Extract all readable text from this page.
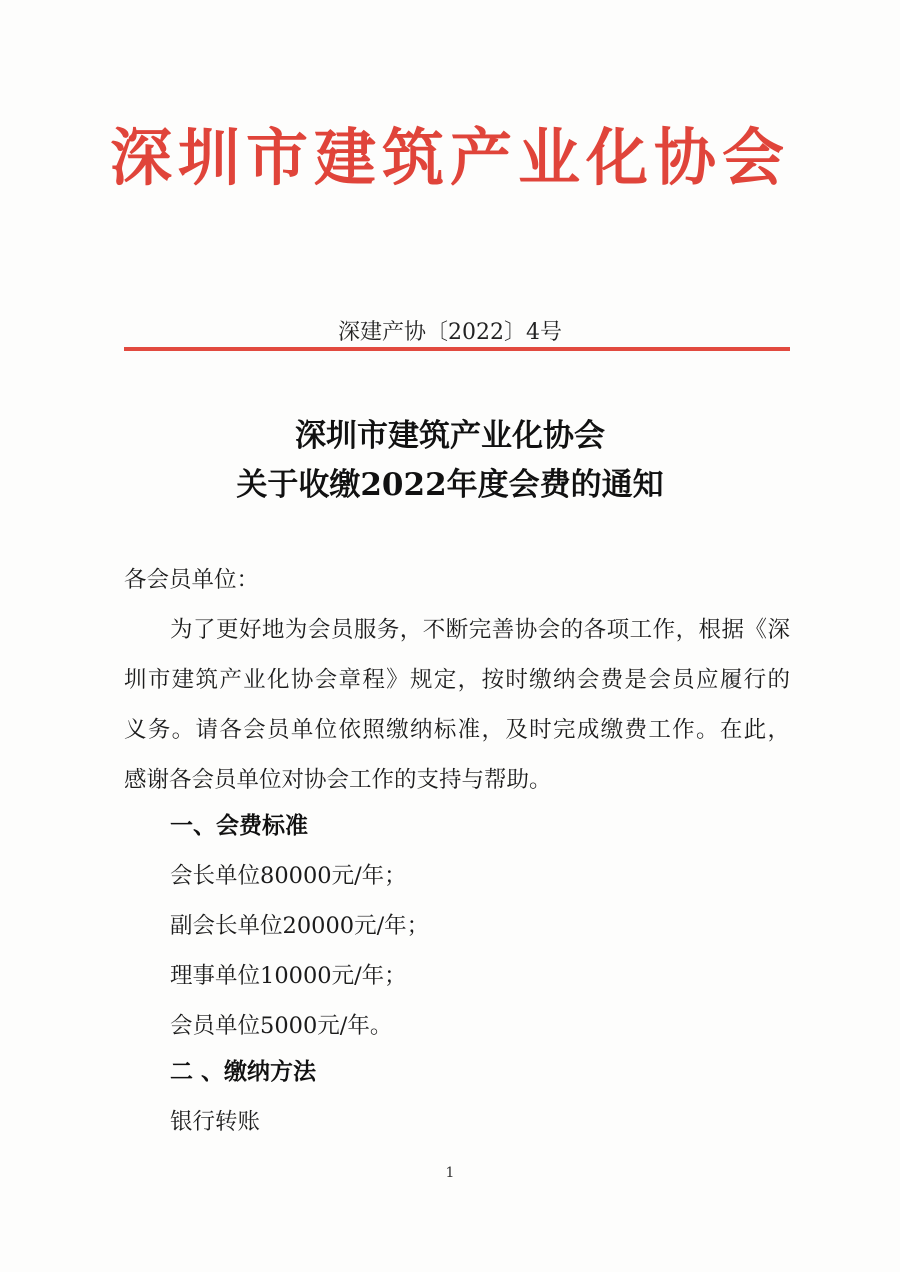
深圳市建筑产业化协会
深建产协〔2022〕4号
深圳市建筑产业化协会
关于收缴2022年度会费的通知
各会员单位：
为了更好地为会员服务，不断完善协会的各项工作，根据《深
圳市建筑产业化协会章程》规定，按时缴纳会费是会员应履行的
义务。请各会员单位依照缴纳标准，及时完成缴费工作。在此，
感谢各会员单位对协会工作的支持与帮助。
一、会费标准
会长单位80000元/年；
副会长单位20000元/年；
理事单位10000元/年；
会员单位5000元/年。
二 、缴纳方法
银行转账
1
